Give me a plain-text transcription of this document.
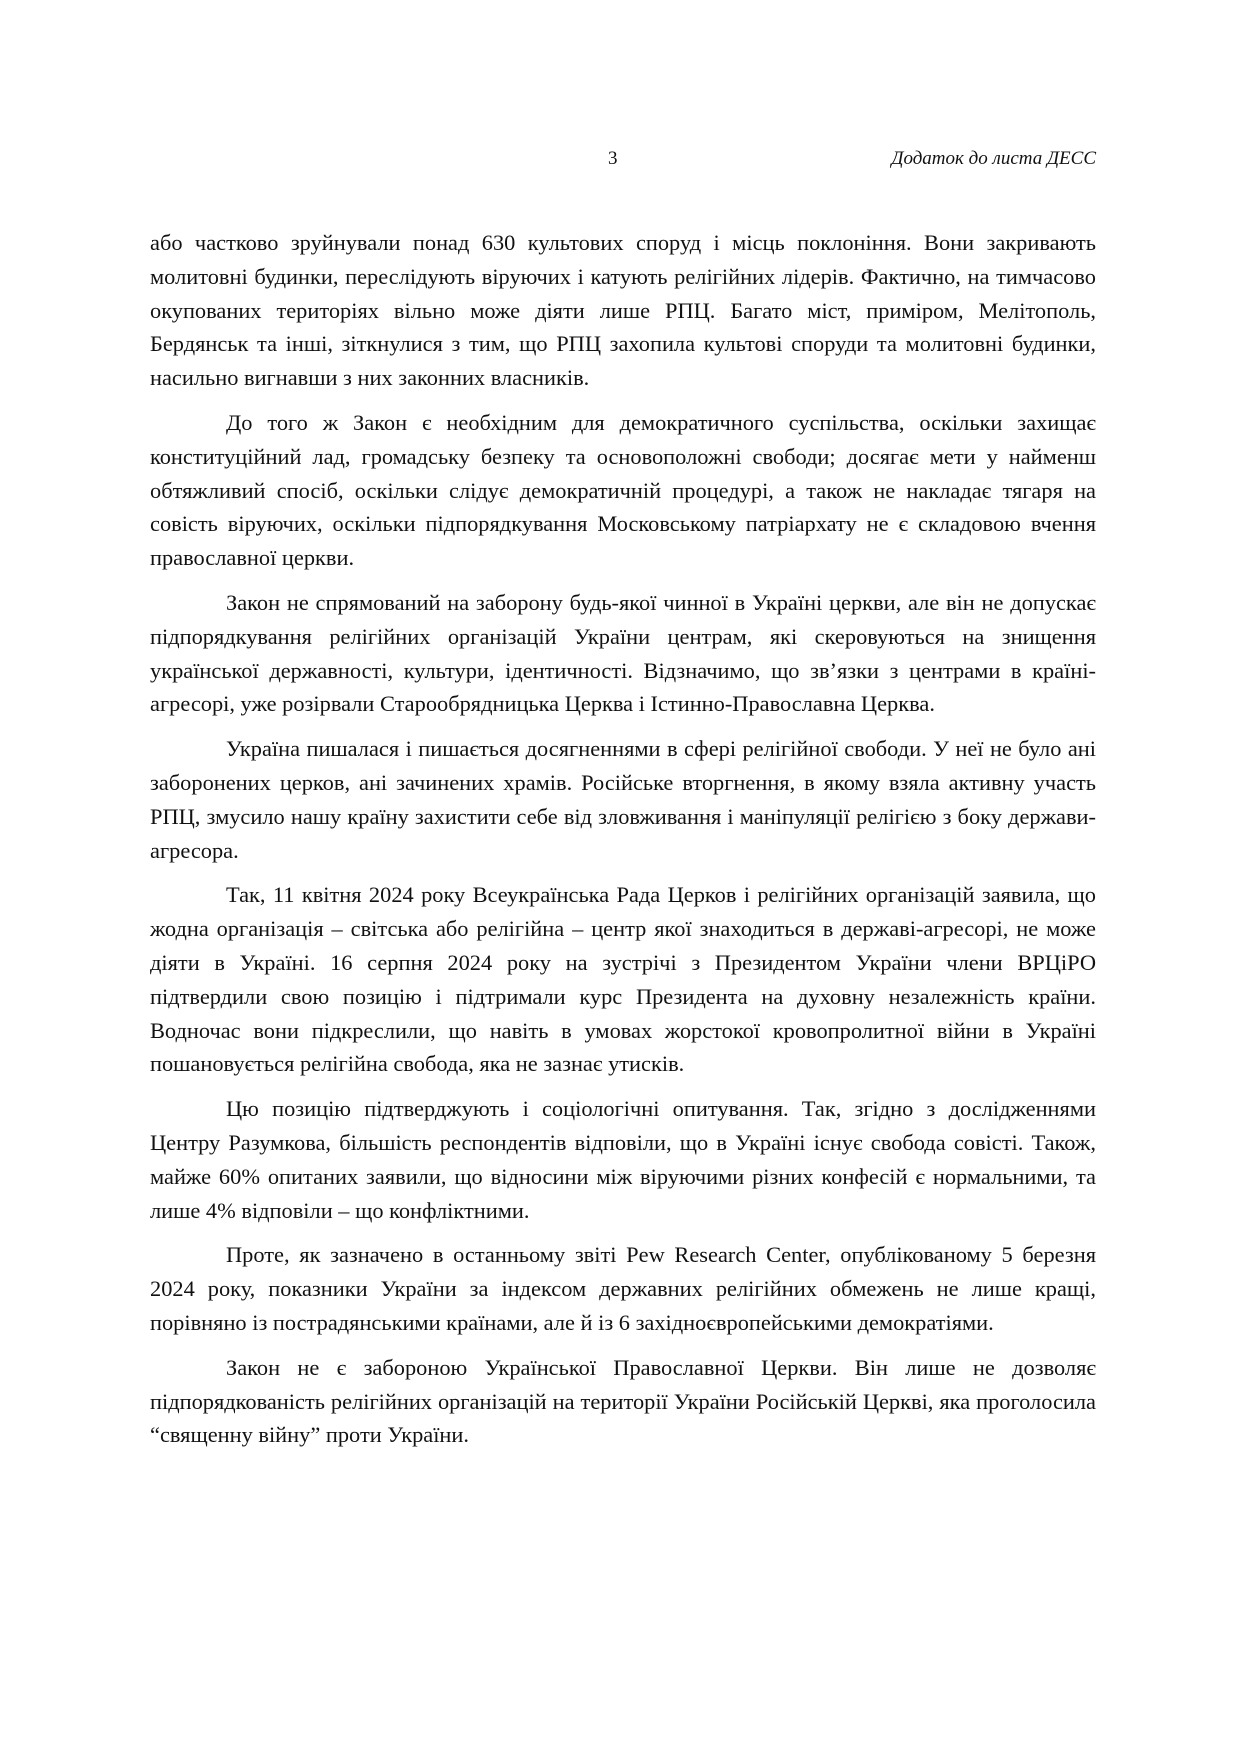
3	Додаток до листа ДЕСС

або частково зруйнували понад 630 культових споруд і місць поклоніння. Вони закривають молитовні будинки, переслідують віруючих і катують релігійних лідерів. Фактично, на тимчасово окупованих територіях вільно може діяти лише РПЦ. Багато міст, приміром, Мелітополь, Бердянськ та інші, зіткнулися з тим, що РПЦ захопила культові споруди та молитовні будинки, насильно вигнавши з них законних власників.

До того ж Закон є необхідним для демократичного суспільства, оскільки захищає конституційний лад, громадську безпеку та основоположні свободи; досягає мети у найменш обтяжливий спосіб, оскільки слідує демократичній процедурі, а також не накладає тягаря на совість віруючих, оскільки підпорядкування Московському патріархату не є складовою вчення православної церкви.

Закон не спрямований на заборону будь-якої чинної в Україні церкви, але він не допускає підпорядкування релігійних організацій України центрам, які скеровуються на знищення української державності, культури, ідентичності. Відзначимо, що зв’язки з центрами в країні-агресорі, уже розірвали Старообрядницька Церква і Істинно-Православна Церква.

Україна пишалася і пишається досягненнями в сфері релігійної свободи. У неї не було ані заборонених церков, ані зачинених храмів. Російське вторгнення, в якому взяла активну участь РПЦ, змусило нашу країну захистити себе від зловживання і маніпуляції релігією з боку держави-агресора.

Так, 11 квітня 2024 року Всеукраїнська Рада Церков і релігійних організацій заявила, що жодна організація – світська або релігійна – центр якої знаходиться в державі-агресорі, не може діяти в Україні. 16 серпня 2024 року на зустрічі з Президентом України члени ВРЦіРО підтвердили свою позицію і підтримали курс Президента на духовну незалежність країни. Водночас вони підкреслили, що навіть в умовах жорстокої кровопролитної війни в Україні пошановується релігійна свобода, яка не зазнає утисків.

Цю позицію підтверджують і соціологічні опитування. Так, згідно з дослідженнями Центру Разумкова, більшість респондентів відповіли, що в Україні існує свобода совісті. Також, майже 60% опитаних заявили, що відносини між віруючими різних конфесій є нормальними, та лише 4% відповіли – що конфліктними.

Проте, як зазначено в останньому звіті Pew Research Center, опублікованому 5 березня 2024 року, показники України за індексом державних релігійних обмежень не лише кращі, порівняно із пострадянськими країнами, але й із 6 західноєвропейськими демократіями.

Закон не є забороною Української Православної Церкви. Він лише не дозволяє підпорядкованість релігійних організацій на території України Російській Церкві, яка проголосила “священну війну” проти України.
